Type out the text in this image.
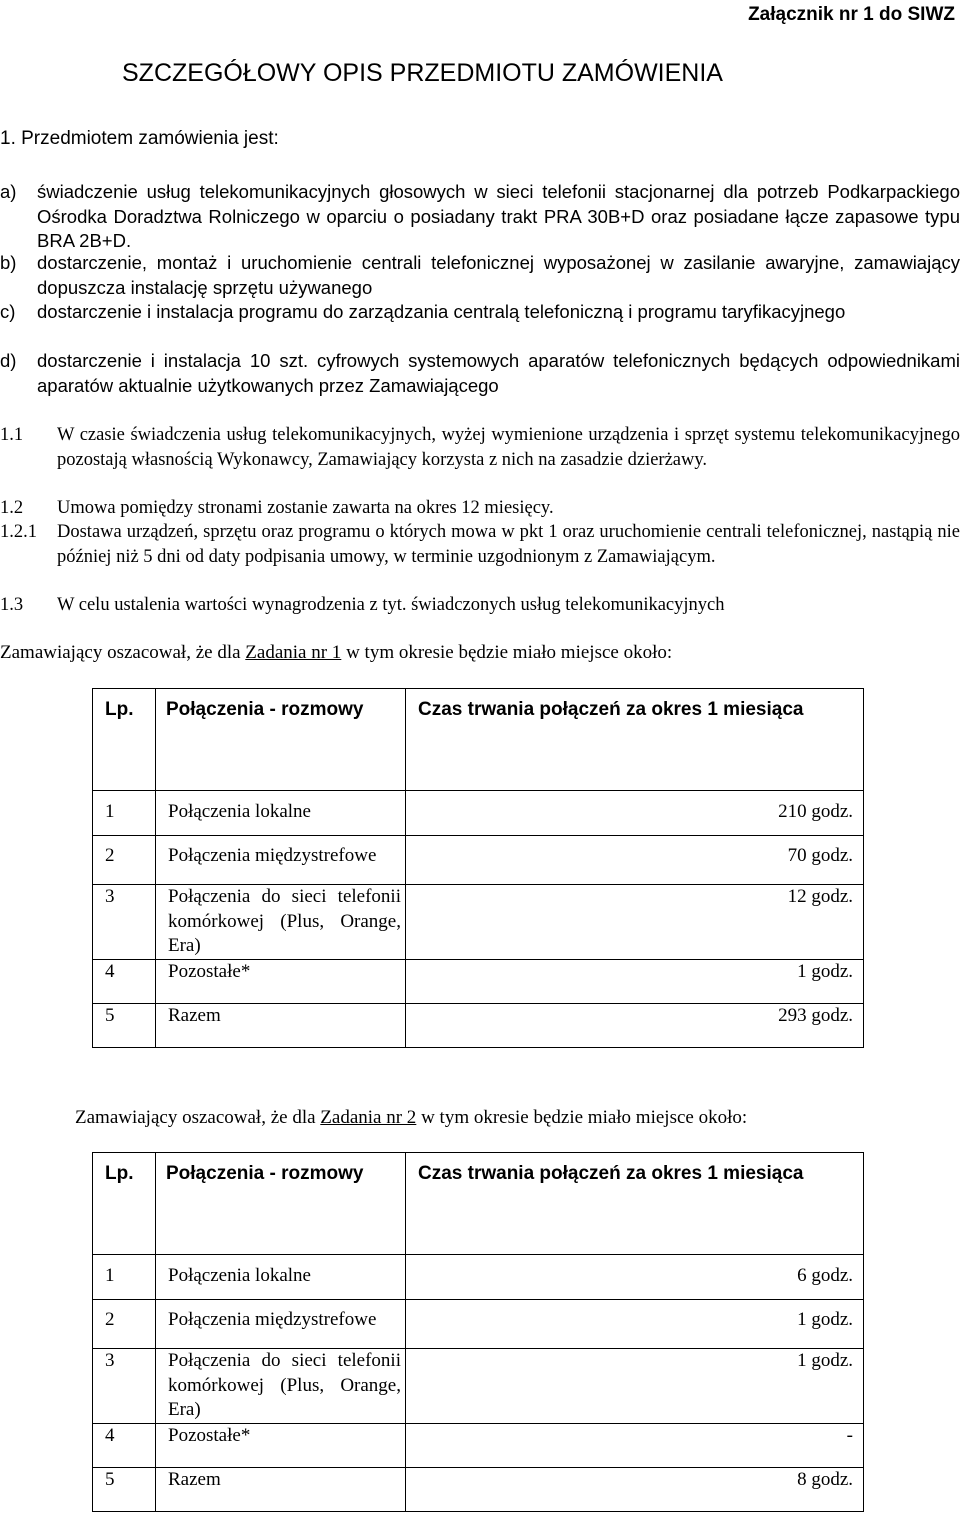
Załącznik nr 1 do SIWZ
SZCZEGÓŁOWY OPIS PRZEDMIOTU ZAMÓWIENIA
1. Przedmiotem zamówienia jest:
a) świadczenie usług telekomunikacyjnych głosowych w sieci telefonii stacjonarnej dla potrzeb Podkarpackiego Ośrodka Doradztwa Rolniczego w oparciu o posiadany trakt PRA 30B+D oraz posiadane łącze zapasowe typu BRA 2B+D.
b) dostarczenie, montaż i uruchomienie centrali telefonicznej wyposażonej w zasilanie awaryjne, zamawiający dopuszcza instalację sprzętu używanego
c) dostarczenie i instalacja programu do zarządzania centralą telefoniczną i programu taryfikacyjnego
d) dostarczenie i instalacja 10 szt. cyfrowych systemowych aparatów telefonicznych będących odpowiednikami aparatów aktualnie użytkowanych przez Zamawiającego
1.1 W czasie świadczenia usług telekomunikacyjnych, wyżej wymienione urządzenia i sprzęt systemu telekomunikacyjnego pozostają własnością Wykonawcy, Zamawiający korzysta z nich na zasadzie dzierżawy.
1.2 Umowa pomiędzy stronami zostanie zawarta na okres 12 miesięcy.
1.2.1 Dostawa urządzeń, sprzętu oraz programu o których mowa w pkt 1 oraz uruchomienie centrali telefonicznej, nastąpią nie później niż 5 dni od daty podpisania umowy, w terminie uzgodnionym z Zamawiającym.
1.3 W celu ustalenia wartości wynagrodzenia z tyt. świadczonych usług telekomunikacyjnych
Zamawiający oszacował, że dla Zadania nr 1 w tym okresie będzie miało miejsce około:
Lp.	Połączenia - rozmowy	Czas trwania połączeń za okres 1 miesiąca

1	Połączenia lokalne	210 godz.

2	Połączenia międzystrefowe	70 godz.

3	Połączenia do sieci telefonii komórkowej (Plus, Orange, Era)	12 godz.

4	Pozostałe*	1 godz.

5	Razem	293 godz.
Zamawiający oszacował, że dla Zadania nr 2 w tym okresie będzie miało miejsce około:
Lp.	Połączenia - rozmowy	Czas trwania połączeń za okres 1 miesiąca

1	Połączenia lokalne	6 godz.

2	Połączenia międzystrefowe	1 godz.

3	Połączenia do sieci telefonii komórkowej (Plus, Orange, Era)	1 godz.

4	Pozostałe*	-

5	Razem	8 godz.
